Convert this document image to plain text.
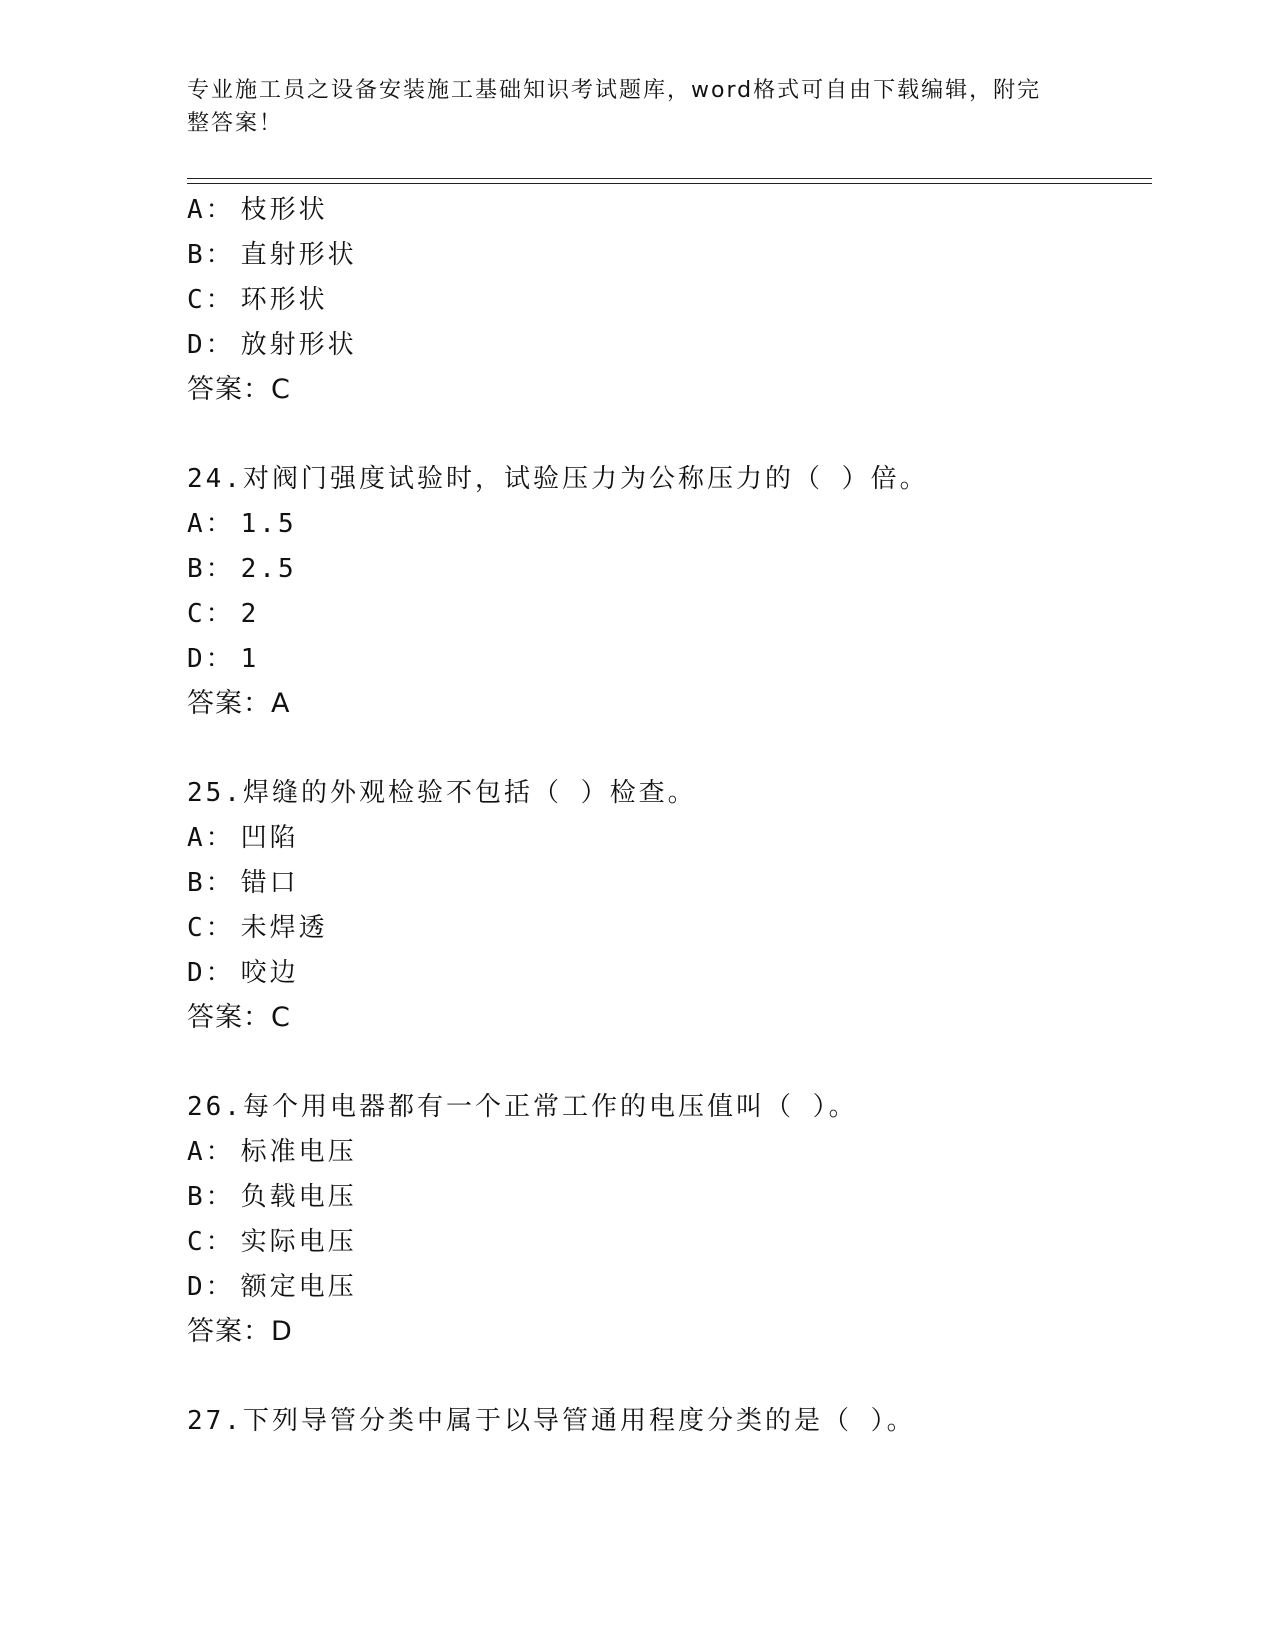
专业施工员之设备安装施工基础知识考试题库，word格式可自由下载编辑，附完
整答案！
A： 枝形状
B： 直射形状
C： 环形状
D： 放射形状
答案：C
24.对阀门强度试验时，试验压力为公称压力的（ ）倍。
A： 1.5
B： 2.5
C： 2
D： 1
答案：A
25.焊缝的外观检验不包括（ ）检查。
A： 凹陷
B： 错口
C： 未焊透
D： 咬边
答案：C
26.每个用电器都有一个正常工作的电压值叫（ ）。
A： 标准电压
B： 负载电压
C： 实际电压
D： 额定电压
答案：D
27.下列导管分类中属于以导管通用程度分类的是（ ）。
